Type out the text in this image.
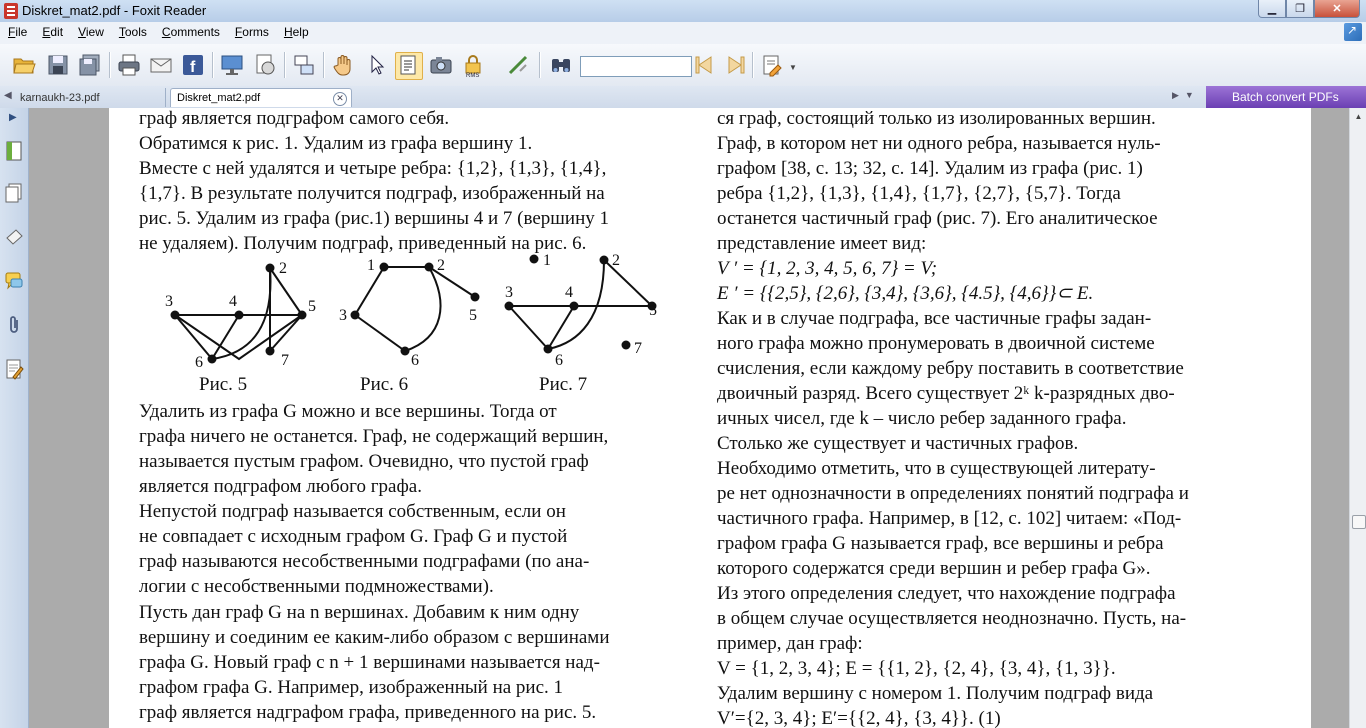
Diskret_mat2.pdf - Foxit Reader	▁	❐	✕
File Edit View Tools Comments Forms Help
↗
f	RMS
▼
◀ karnaukh-23.pdf	Diskret_mat2.pdf	✕	▶▼	Batch convert PDFs
▶	граф является подграфом самого себя.
Обратимся к рис. 1. Удалим из графа вершину 1.
Вместе с ней удалятся и четыре ребра: {1,2}, {1,3}, {1,4},
{1,7}. В результате получится подграф, изображенный на
рис. 5. Удалим из графа (рис.1) вершины 4 и 7 (вершину 1
не удаляем). Получим подграф, приведенный на рис. 6.
2
3	4	5
6	7
1	2
3	5
6
1	2
3	4
5
6
7
Рис. 5	Рис. 6	Рис. 7
Удалить из графа G можно и все вершины. Тогда от
графа ничего не останется. Граф, не содержащий вершин,
называется пустым графом. Очевидно, что пустой граф
является подграфом любого графа.
Непустой подграф называется собственным, если он
не совпадает с исходным графом G. Граф G и пустой
граф называются несобственными подграфами (по ана-
логии с несобственными подмножествами).
Пусть дан граф G на n вершинах. Добавим к ним одну
вершину и соединим ее каким-либо образом с вершинами
графа G. Новый граф с n + 1 вершинами называется над-
графом графа G. Например, изображенный на рис. 1
граф является надграфом графа, приведенного на рис. 5.
ся граф, состоящий только из изолированных вершин.
Граф, в котором нет ни одного ребра, называется нуль-
графом [38, с. 13; 32, с. 14]. Удалим из графа (рис. 1)
ребра {1,2}, {1,3}, {1,4}, {1,7}, {2,7}, {5,7}. Тогда
останется частичный граф (рис. 7). Его аналитическое
представление имеет вид:
V ′ = {1, 2, 3, 4, 5, 6, 7} = V;
E ′ = {{2,5}, {2,6}, {3,4}, {3,6}, {4.5}, {4,6}}⊂ E.
Как и в случае подграфа, все частичные графы задан-
ного графа можно пронумеровать в двоичной системе
счисления, если каждому ребру поставить в соответствие
двоичный разряд. Всего существует 2ᵏ k-разрядных дво-
ичных чисел, где k – число ребер заданного графа.
Столько же существует и частичных графов.
Необходимо отметить, что в существующей литерату-
ре нет однозначности в определениях понятий подграфа и
частичного графа. Например, в [12, с. 102] читаем: «Под-
графом графа G называется граф, все вершины и ребра
которого содержатся среди вершин и ребер графа G».
Из этого определения следует, что нахождение подграфа
в общем случае осуществляется неоднозначно. Пусть, на-
пример, дан граф:
V = {1, 2, 3, 4}; E = {{1, 2}, {2, 4}, {3, 4}, {1, 3}}.
Удалим вершину с номером 1. Получим подграф вида
V′={2, 3, 4}; E′={{2, 4}, {3, 4}}. (1)
▲
